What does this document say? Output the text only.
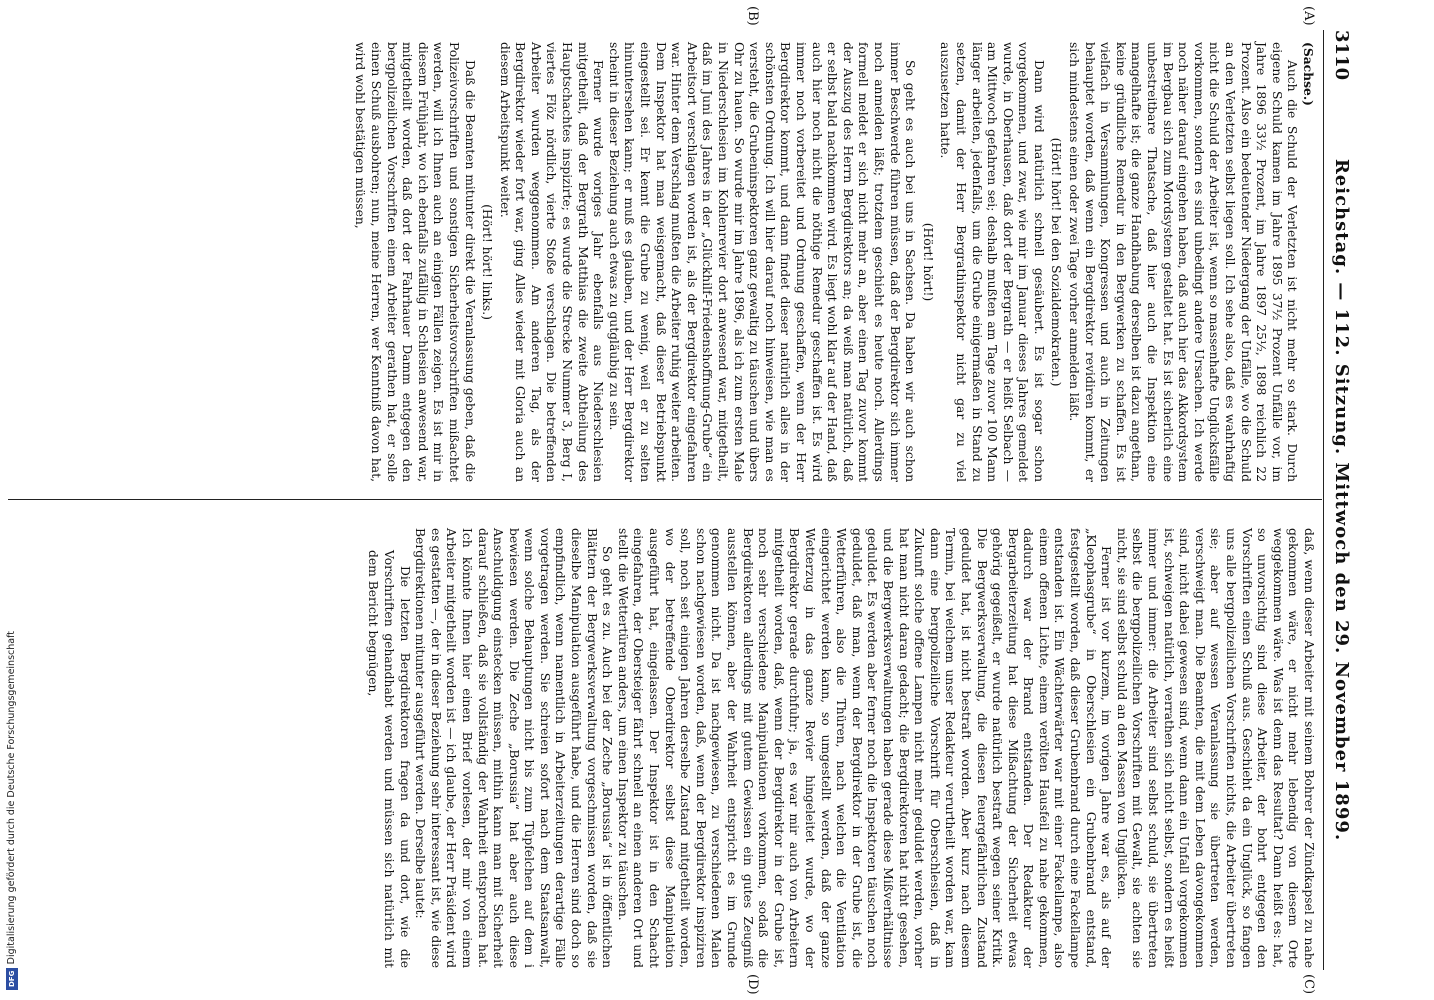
3110
Reichstag. — 112. Sitzung. Mittwoch den 29. November 1899.
(A)
(B)
(C)
(D)
(Sachse.)

Auch die Schuld der Verletzten ist nicht mehr so stark. Durch eigene Schuld kamen im Jahre 1895 37½ Prozent Unfälle vor, im Jahre 1896 33½ Prozent, im Jahre 1897 25½, 1898 reichlich 22 Prozent. Also ein bedeutender Niedergang der Unfälle, wo die Schuld an den Verletzten selbst liegen soll. Ich sehe also, daß es wahrhaftig nicht die Schuld der Arbeiter ist, wenn so massenhafte Unglücksfälle vorkommen, sondern es sind unbedingt andere Ursachen. Ich werde noch näher darauf eingehen haben, daß auch hier das Akkordsystem im Bergbau sich zum Mordsystem gestaltet hat. Es ist sicherlich eine unbestreitbare Thatsache, daß hier auch die Inspektion eine mangelhafte ist; die ganze Handhabung derselben ist dazu angethan, keine gründliche Remedur in den Bergwerken zu schaffen. Es ist vielfach in Versammlungen, Kongressen und auch in Zeitungen behauptet worden, daß wenn ein Bergdirektor revidiren kommt, er sich mindestens einen oder zwei Tage vorher anmelden läßt.

(Hört! hört! bei den Sozialdemokraten.)

Dann wird natürlich schnell gesäubert. Es ist sogar schon vorgekommen, und zwar, wie mir im Januar dieses Jahres gemeldet wurde, in Oberhausen, daß dort der Bergrath — er heißt Selbach — am Mittwoch gefahren sei; deshalb mußten am Tage zuvor 100 Mann länger arbeiten, jedenfalls, um die Grube einigermaßen in Stand zu setzen, damit der Herr Bergrathinspektor nicht gar zu viel auszusetzen hatte.

(Hört! hört!)

So geht es auch bei uns in Sachsen. Da haben wir auch schon immer Beschwerde führen müssen, daß der Bergdirektor sich immer noch anmelden läßt; trotzdem geschieht es heute noch. Allerdings formell meldet er sich nicht mehr an, aber einen Tag zuvor kommt der Auszug des Herrn Bergdirektors an; da weiß man natürlich, daß er selbst bald nachkommen wird. Es liegt wohl klar auf der Hand, daß auch hier noch nicht die nöthige Remedur geschaffen ist. Es wird immer noch vorbereitet und Ordnung geschaffen, wenn der Herr Bergdirektor kommt, und dann findet dieser natürlich alles in der schönsten Ordnung. Ich will hier darauf noch hinweisen, wie man es versteht, die Grubeninspektoren ganz gewaltig zu täuschen und übers Ohr zu hauen. So wurde mir im Jahre 1896, als ich zum ersten Male in Niederschlesien im Kohlenrevier dort anwesend war, mitgetheilt, daß im Juni des Jahres in der „Glückhilf-Friedenshoffnung-Grube“ ein Arbeitsort verschlagen worden ist, als der Bergdirektor eingefahren war. Hinter dem Verschlag mußten die Arbeiter ruhig weiter arbeiten. Dem Inspektor hat man weisgemacht, daß dieser Betriebspunkt eingestellt sei. Er kennt die Grube zu wenig, weil er zu selten hinuntersehen kann; er muß es glauben, und der Herr Bergdirektor scheint in dieser Beziehung auch etwas zu gutgläubig zu sein.

Ferner wurde voriges Jahr ebenfalls aus Niederschlesien mitgetheilt, daß der Bergrath Matthias die zweite Abtheilung des Hauptschachtes inspizirte; es wurde die Strecke Nummer 3, Berg I, viertes Flöz nördlich, vierte Stoße verschlagen. Die betreffenden Arbeiter wurden weggenommen. Am anderen Tag, als der Bergdirektor wieder fort war, ging Alles wieder mit Gloria auch an diesem Arbeitspunkt weiter.

(Hört! hört! links.)

Daß die Beamten mitunter direkt die Veranlassung geben, daß die Polizeivorschriften und sonstigen Sicherheitsvorschriften mißachtet werden, will ich Ihnen auch an einigen Fällen zeigen. Es ist mir in diesem Frühjahr, wo ich ebenfalls zufällig in Schlesien anwesend war, mitgetheilt worden, daß dort der Fahrhauer Damm entgegen den bergpolizeilichen Vorschriften einem Arbeiter gerathen hat, er solle einen Schuß ausbohren; nun, meine Herren, wer Kenntniß davon hat, wird wohl bestätigen müssen,

daß, wenn dieser Arbeiter mit seinem Bohrer der Zündkapsel zu nahe gekommen wäre, er nicht mehr lebendig von diesem Orte weggekommen wäre. Was ist denn das Resultat? Dann heißt es: hat, so unvorsichtig sind diese Arbeiter, der bohrt entgegen den Vorschriften einen Schuß aus. Geschieht da ein Unglück, so fangen uns alle bergpolizeilichen Vorschriften nichts, die Arbeiter übertreten sie; aber auf wessen Veranlassung sie übertreten werden, verschweigt man. Die Beamten, die mit dem Leben davongekommen sind, nicht dabei gewesen sind, wenn dann ein Unfall vorgekommen ist, schweigen natürlich, verrathen sich nicht selbst, sondern es heißt immer und immer: die Arbeiter sind selbst schuld, sie übertreten selbst die bergpolizeilichen Vorschriften mit Gewalt, sie achten sie nicht, sie sind selbst schuld an den Massen von Unglücken.

Ferner ist vor kurzem, im vorigen Jahre war es, als auf der „Kleophasgrube“ in Oberschlesien ein Grubenbrand entstand, festgestellt worden, daß dieser Grubenbrand durch eine Fackellampe entstanden ist. Ein Wächterwärter war mit einer Fackellampe, also einem offenen Lichte, einem verölten Hausfeil zu nahe gekommen, dadurch war der Brand entstanden. Der Redakteur der Bergarbeiterzeitung hat diese Mißachtung der Sicherheit etwas gehörig gegeißelt, er wurde natürlich bestraft wegen seiner Kritik. Die Bergwerksverwaltung, die diesen feuergefährlichen Zustand geduldet hat, ist nicht bestraft worden. Aber kurz nach diesem Termin, bei welchem unser Redakteur verurtheilt worden war, kam dann eine bergpolizeiliche Vorschrift für Oberschlesien, daß in Zukunft solche offene Lampen nicht mehr geduldet werden, vorher hat man nicht daran gedacht; die Bergdirektoren hat nicht gesehen, und die Bergwerksverwaltungen haben gerade diese Mißverhältnisse geduldet. Es werden aber ferner noch die Inspektoren täuschen noch geduldet, daß man, wenn der Bergdirektor in der Grube ist, die Wetterführen, also die Thüren, nach welchen die Ventilation eingerichtet werden kann, so umgestellt werden, daß der ganze Wetterzug in das ganze Revier hingeleitet wurde, wo der Bergdirektor gerade durchfuhr; ja, es war mir auch von Arbeitern mitgetheilt worden, daß, wenn der Bergdirektor in der Grube ist, noch sehr verschiedene Manipulationen vorkommen, sodaß die Bergdirektoren allerdings mit gutem Gewissen ein gutes Zeugniß ausstellen können, aber der Wahrheit entspricht es im Grunde genommen nicht. Da ist nachgewiesen, zu verschiedenen Malen schon nachgewiesen worden, daß, wenn der Bergdirektor inspiziren soll, noch seit einigen Jahren derselbe Zustand mitgetheilt worden, wo der betreffende Oberdirektor selbst diese Manipulation ausgeführt hat, eingelassen. Der Inspektor ist in den Schacht eingefahren, der Obersteiger fährt schnell an einen anderen Ort und stellt die Wettertüren anders, um einen Inspektor zu täuschen.

So geht es zu. Auch bei der Zeche „Borussia“ ist in öffentlichen Blättern der Bergwerksverwaltung vorgeschmissen worden, daß sie dieselbe Manipulation ausgeführt habe, und die Herren sind doch so empfindlich, wenn namentlich in Arbeiterzeitungen derartige Fälle vorgetragen werden. Sie schreien sofort nach dem Staatsanwalt, wenn solche Behauptungen nicht bis zum Tüpfelchen auf dem i bewiesen werden. Die Zeche „Borussia“ hat aber auch diese Anschuldigung einstecken müssen, mithin kann man mit Sicherheit darauf schließen, daß sie vollständig der Wahrheit entsprochen hat. Ich könnte Ihnen hier einen Brief vorlesen, der mir von einem Arbeiter mitgetheilt worden ist — ich glaube, der Herr Präsident wird es gestatten —, der in dieser Beziehung sehr interessant ist, wie diese Bergdirektionen mitunter ausgeführt werden. Derselbe lautet:

Die letzten Bergdirektoren fragen da und dort, wie die Vorschriften gehandhabt werden und müssen sich natürlich mit dem Bericht begnügen,

Digitalisierung gefördert durch die Deutsche Forschungsgemeinschaft
DFG
